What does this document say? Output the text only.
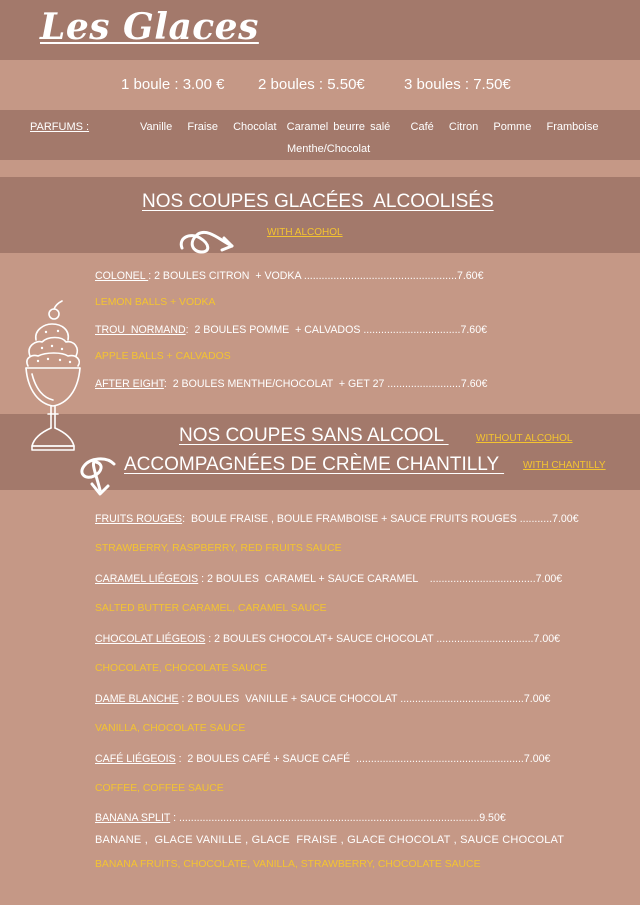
Les Glaces
1 boule : 3.00 € 2 boules : 5.50€	3 boules : 7.50€
PARFUMS :	Vanille   Fraise   Chocolat  Caramel beurre salé    Café   Citron   Pomme   Framboise
Menthe/Chocolat
NOS COUPES GLACÉES  ALCOOLISÉS
WITH ALCOHOL
COLONEL : 2 BOULES CITRON  + VODKA ....................................................7.60€
LEMON BALLS + VODKA
TROU  NORMAND:  2 BOULES POMME  + CALVADOS .................................7.60€
APPLE BALLS + CALVADOS
AFTER EIGHT:  2 BOULES MENTHE/CHOCOLAT  + GET 27 .........................7.60€
NOS COUPES SANS ALCOOL	WITHOUT ALCOHOL
ACCOMPAGNÉES DE CRÈME CHANTILLY WITH CHANTILLY
FRUITS ROUGES:  BOULE FRAISE , BOULE FRAMBOISE + SAUCE FRUITS ROUGES ...........7.00€
STRAWBERRY, RASPBERRY, RED FRUITS SAUCE
CARAMEL LIÉGEOIS : 2 BOULES  CARAMEL + SAUCE CARAMEL    ....................................7.00€
SALTED BUTTER CARAMEL, CARAMEL SAUCE
CHOCOLAT LIÉGEOIS : 2 BOULES CHOCOLAT+ SAUCE CHOCOLAT .................................7.00€
CHOCOLATE, CHOCOLATE SAUCE
DAME BLANCHE : 2 BOULES  VANILLE + SAUCE CHOCOLAT ..........................................7.00€
VANILLA, CHOCOLATE SAUCE
CAFÉ LIÉGEOIS :  2 BOULES CAFÉ + SAUCE CAFÉ  .........................................................7.00€
COFFEE, COFFEE SAUCE
BANANA SPLIT : ......................................................................................................9.50€
BANANE ,  GLACE VANILLE , GLACE  FRAISE , GLACE CHOCOLAT , SAUCE CHOCOLAT
BANANA FRUITS, CHOCOLATE, VANILLA, STRAWBERRY, CHOCOLATE SAUCE
